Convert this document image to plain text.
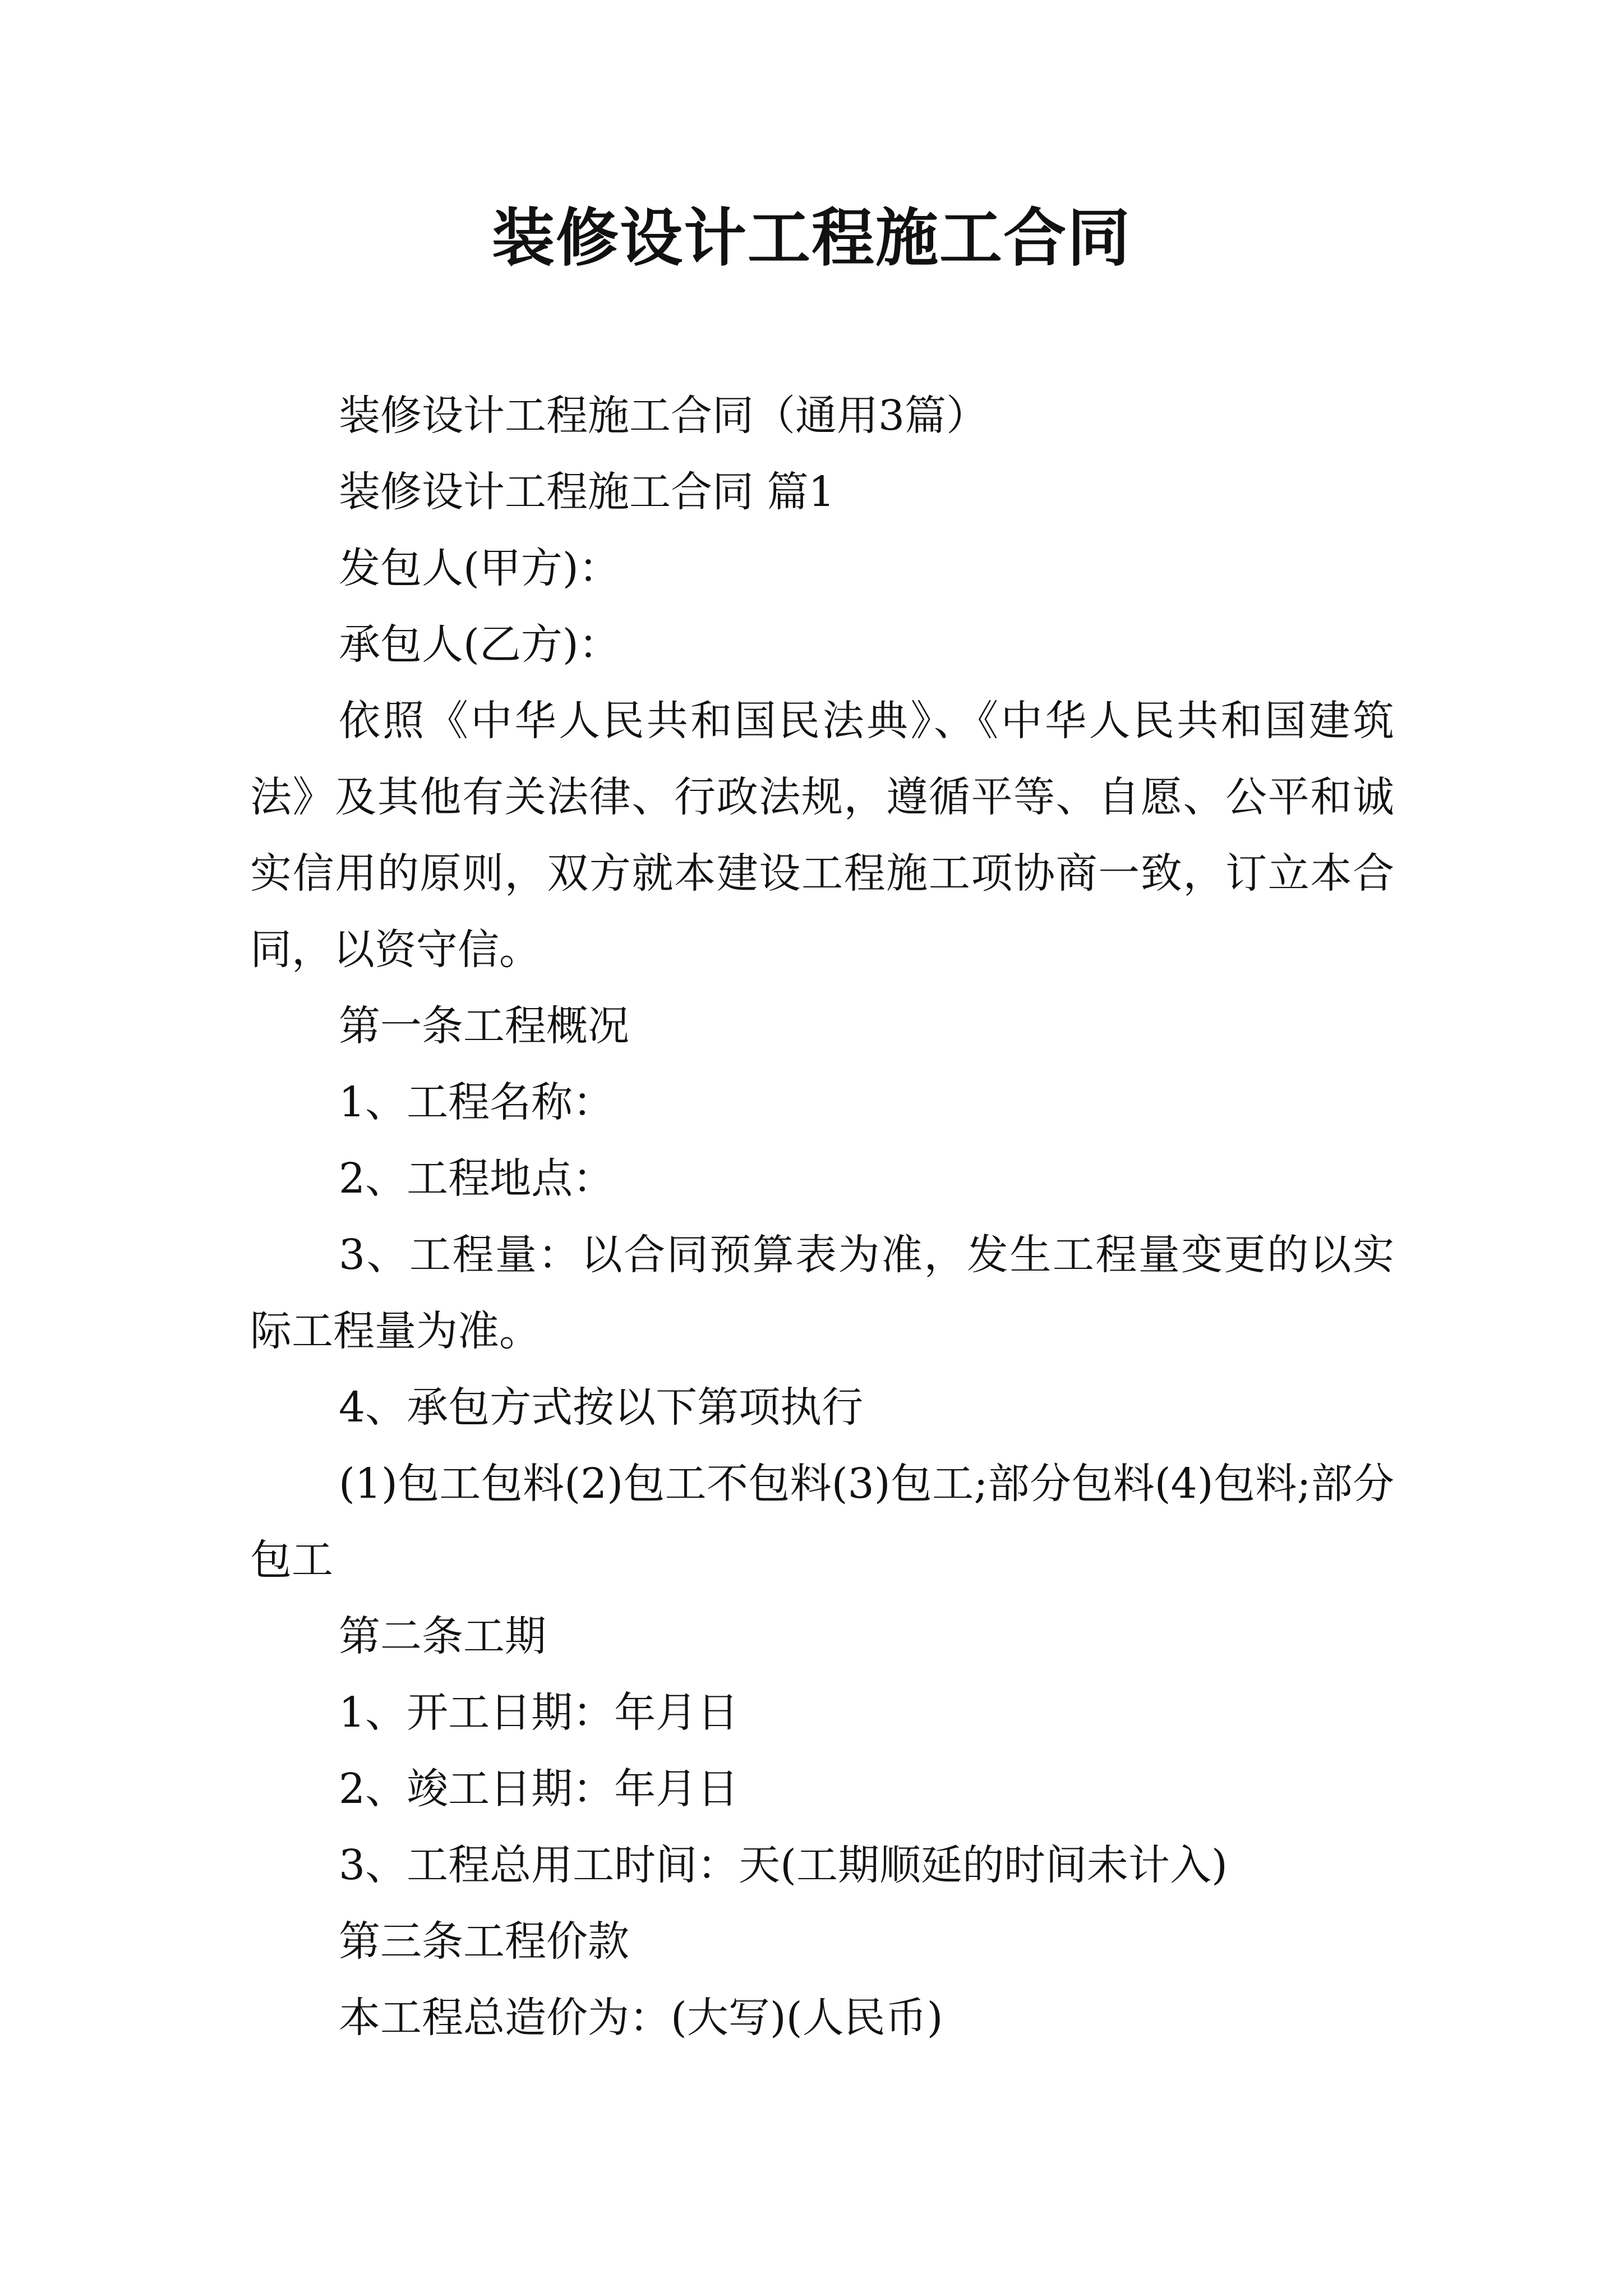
装修设计工程施工合同

装修设计工程施工合同（通用3篇）

装修设计工程施工合同 篇1

发包人(甲方)：

承包人(乙方)：

依照《中华人民共和国民法典》、《中华人民共和国建筑法》及其他有关法律、行政法规，遵循平等、自愿、公平和诚实信用的原则，双方就本建设工程施工项协商一致，订立本合同，以资守信。

第一条工程概况

1、工程名称：

2、工程地点：

3、工程量：以合同预算表为准，发生工程量变更的以实际工程量为准。

4、承包方式按以下第项执行

(1)包工包料(2)包工不包料(3)包工;部分包料(4)包料;部分包工

第二条工期

1、开工日期：年月日

2、竣工日期：年月日

3、工程总用工时间：天(工期顺延的时间未计入)

第三条工程价款

本工程总造价为：(大写)(人民币)
